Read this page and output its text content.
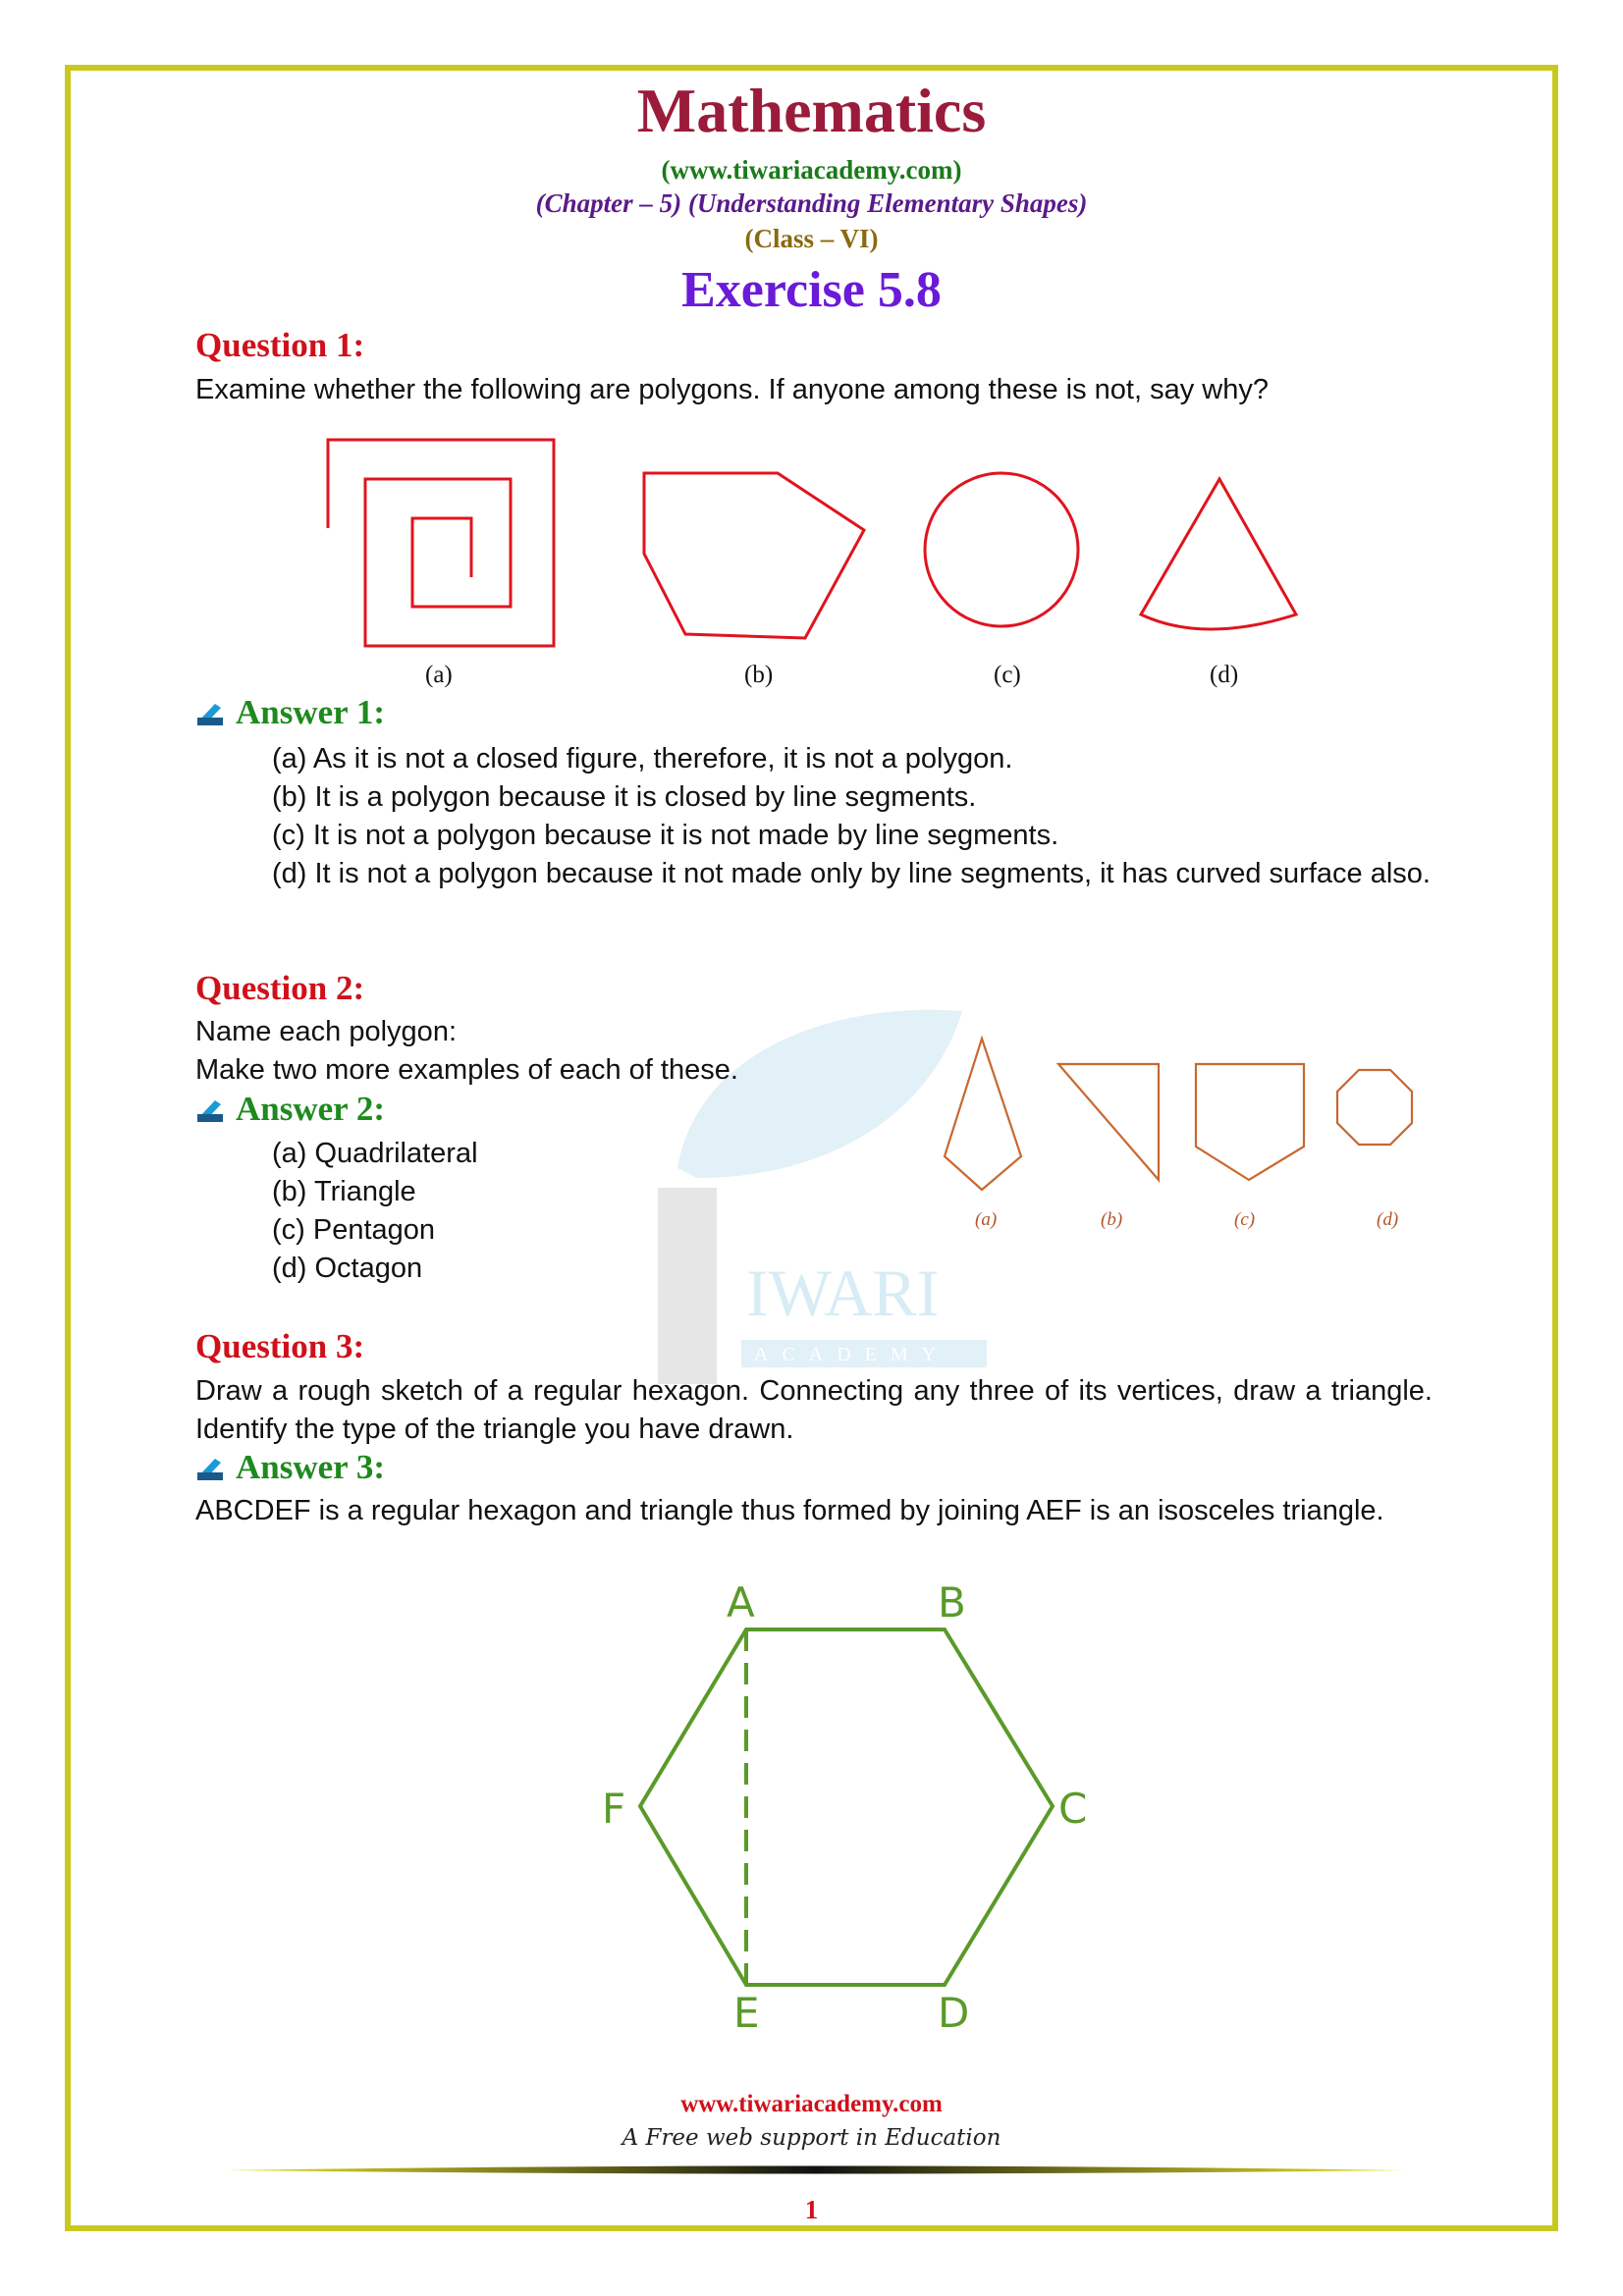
IWARI
ACADEMY
Mathematics
(www.tiwariacademy.com)
(Chapter – 5) (Understanding Elementary Shapes)
(Class – VI)
Exercise 5.8
Question 1:
Examine whether the following are polygons. If anyone among these is not, say why?
(a)	(b)	(c)	(d)
Answer 1:
(a) As it is not a closed figure, therefore, it is not a polygon.
(b) It is a polygon because it is closed by line segments.
(c) It is not a polygon because it is not made by line segments.
(d) It is not a polygon because it not made only by line segments, it has curved surface also.
Question 2:
Name each polygon:
Make two more examples of each of these.
(a)	(b)	(c)	(d)
Answer 2:
(a) Quadrilateral
(b) Triangle
(c) Pentagon
(d) Octagon
Question 3:
Draw a rough sketch of a regular hexagon. Connecting any three of its vertices, draw a triangle. Identify the type of the triangle you have drawn.
Answer 3:
ABCDEF is a regular hexagon and triangle thus formed by joining AEF is an isosceles triangle.
A	B
C
D
E
F
www.tiwariacademy.com
A Free web support in Education
1
